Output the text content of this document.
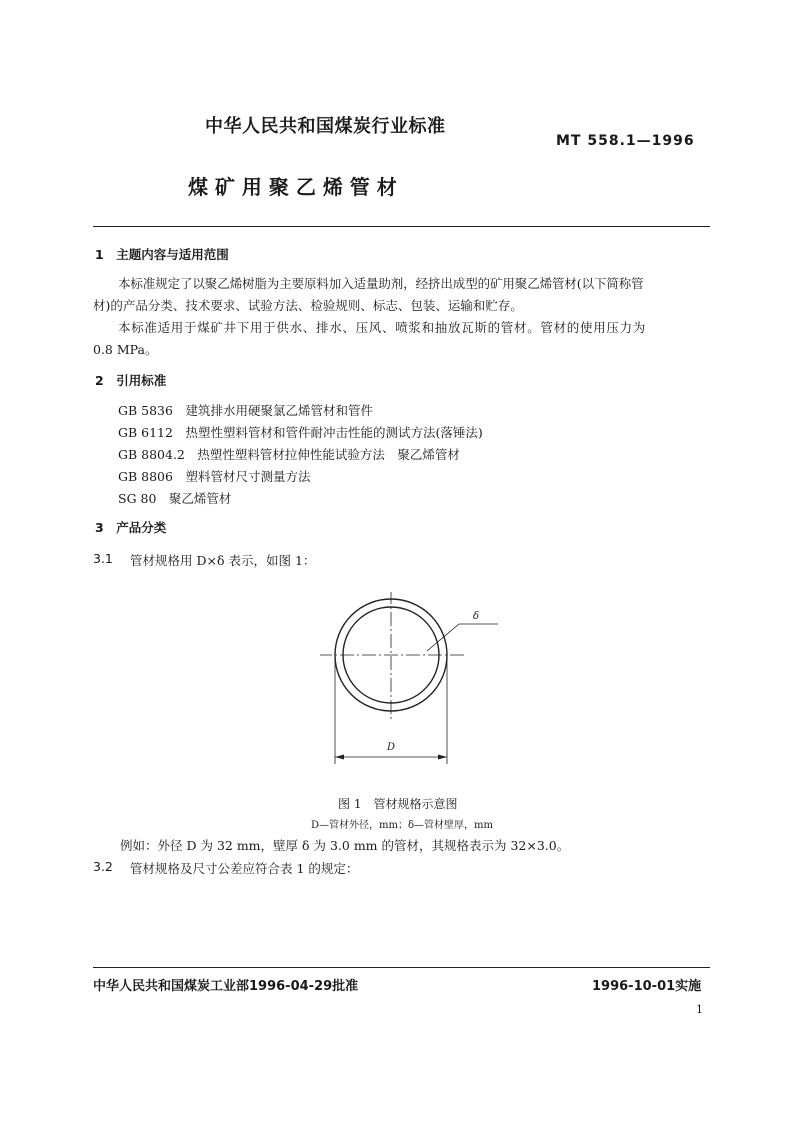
中华人民共和国煤炭行业标准
MT 558.1—1996
煤 矿 用 聚 乙 烯 管 材
1　主题内容与适用范围
本标准规定了以聚乙烯树脂为主要原料加入适量助剂，经挤出成型的矿用聚乙烯管材(以下简称管
材)的产品分类、技术要求、试验方法、检验规则、标志、包装、运输和贮存。
本标准适用于煤矿井下用于供水、排水、压风、喷浆和抽放瓦斯的管材。管材的使用压力为
0.8 MPa。
2　引用标准
GB 5836　建筑排水用硬聚氯乙烯管材和管件
GB 6112　热塑性塑料管材和管件耐冲击性能的测试方法(落锤法)
GB 8804.2　热塑性塑料管材拉伸性能试验方法　聚乙烯管材
GB 8806　塑料管材尺寸测量方法
SG 80　聚乙烯管材
3　产品分类
3.1 管材规格用 D×δ 表示，如图 1：
δ
D
图 1　管材规格示意图
D—管材外径，mm；δ—管材壁厚，mm
例如：外径 D 为 32 mm，壁厚 δ 为 3.0 mm 的管材，其规格表示为 32×3.0。
3.2 管材规格及尺寸公差应符合表 1 的规定：
中华人民共和国煤炭工业部1996-04-29批准	1996-10-01实施
1
